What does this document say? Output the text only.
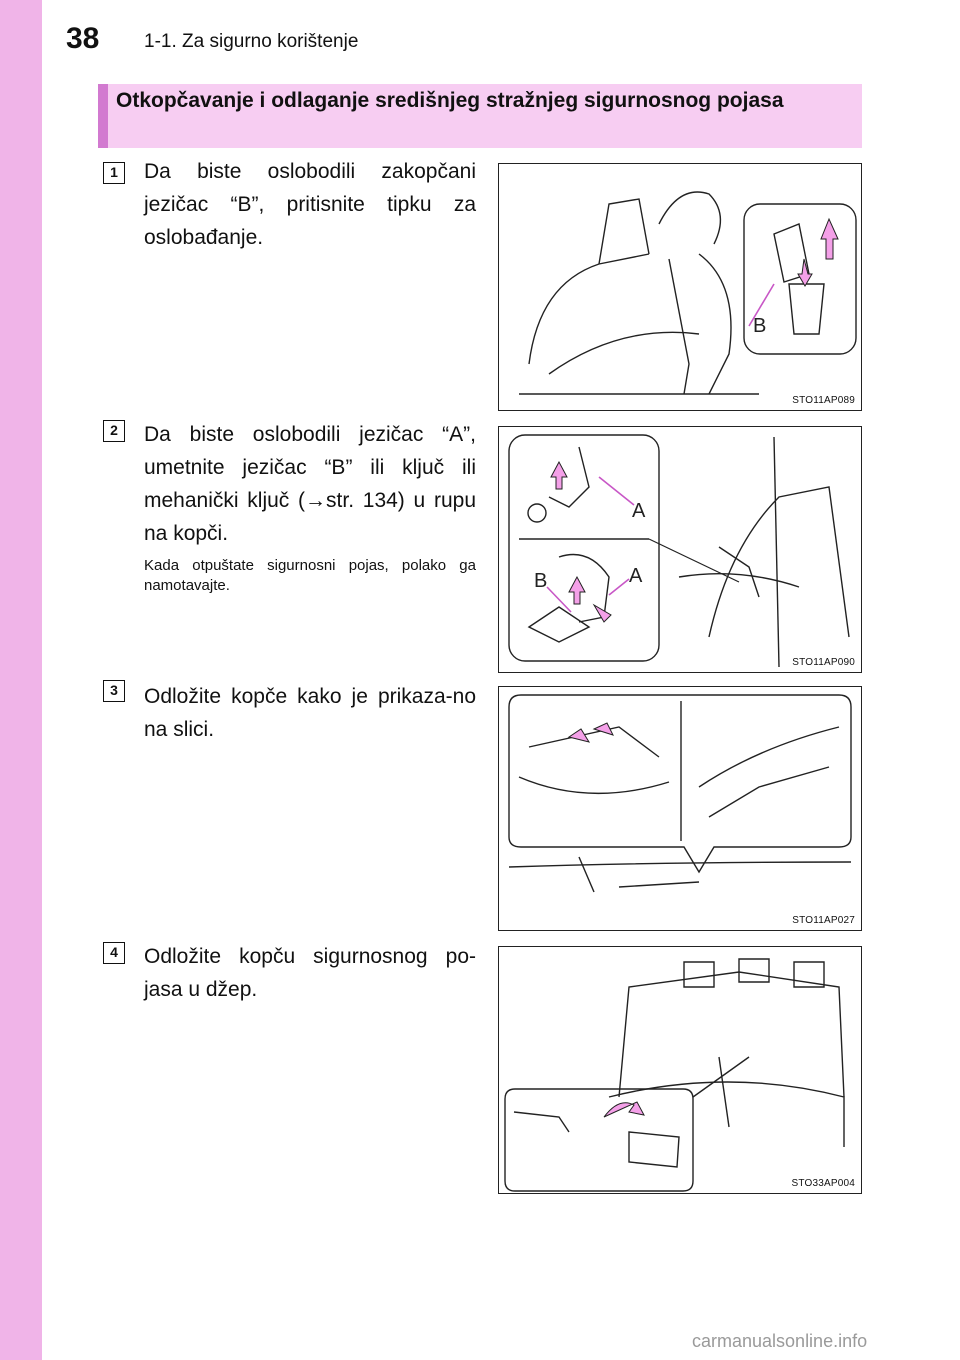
38 1-1. Za sigurno korištenje
Otkopčavanje i odlaganje središnjeg stražnjeg sigurnosnog pojasa
1	Da biste oslobodili zakopčani jezičac “B”, pritisnite tipku za oslobađanje.
B
STO11AP089
2	Da biste oslobodili jezičac “A”, umetnite jezičac “B” ili ključ ili mehanički ključ (→str. 134) u rupu na kopči.
Kada otpuštate sigurnosni pojas, polako ga namotavajte.
A
B	A
STO11AP090
3	Odložite kopče kako je prikaza-no na slici.
STO11AP027
4	Odložite kopču sigurnosnog po-jasa u džep.
STO33AP004
carmanualsonline.info
